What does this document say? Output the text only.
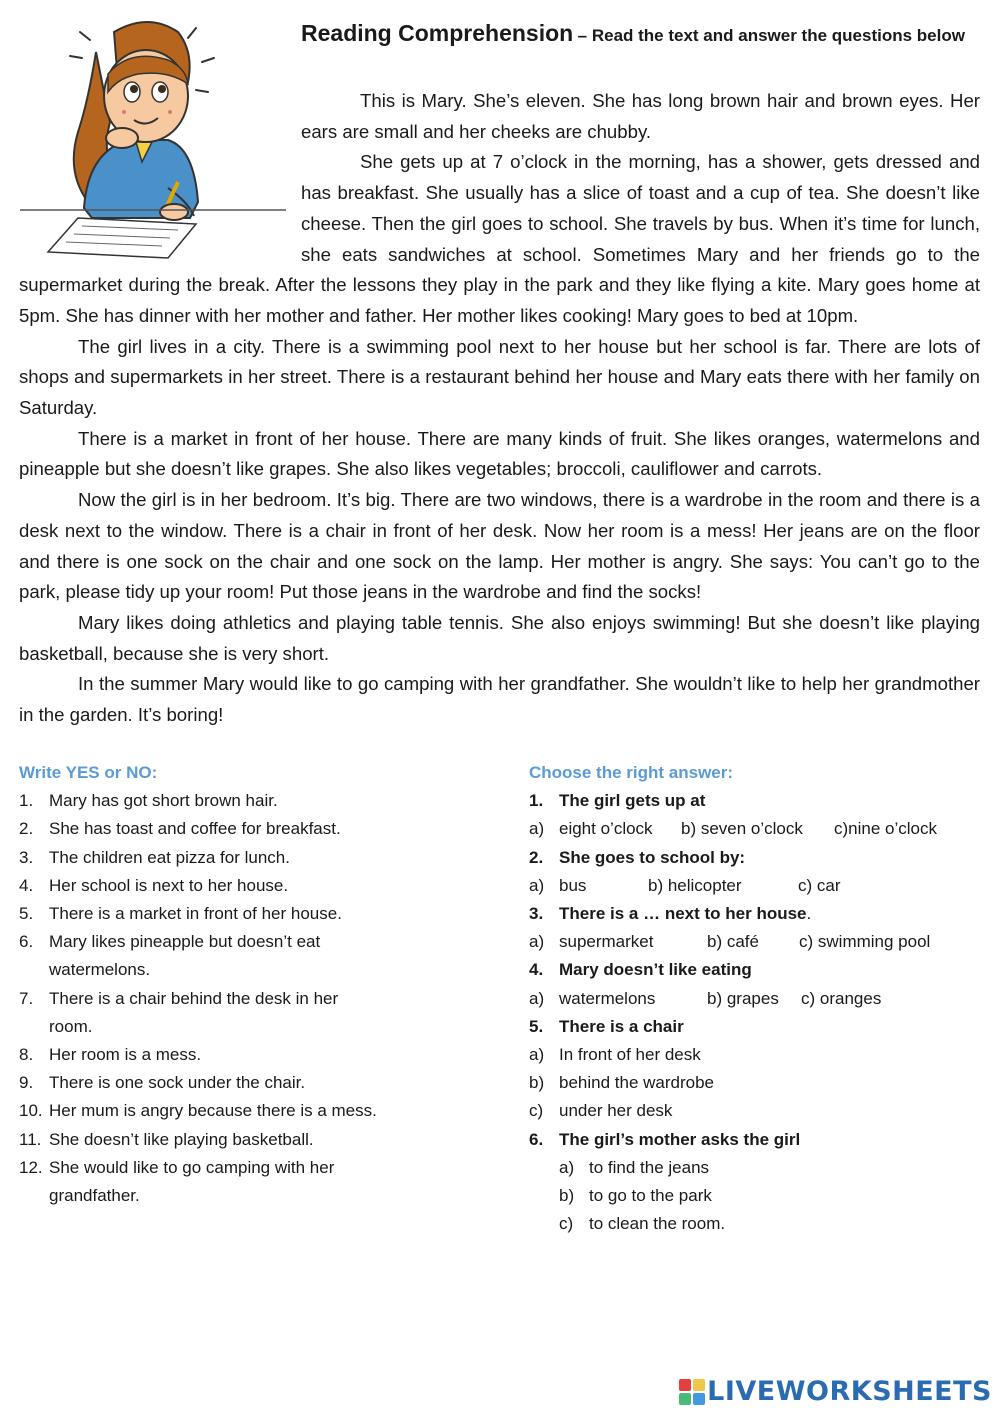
Reading Comprehension – Read the text and answer the questions below

This is Mary. She’s eleven. She has long brown hair and brown eyes. Her ears are small and her cheeks are chubby.

She gets up at 7 o’clock in the morning, has a shower, gets dressed and has breakfast. She usually has a slice of toast and a cup of tea. She doesn’t like cheese. Then the girl goes to school. She travels by bus. When it’s time for lunch, she eats sandwiches at school. Sometimes Mary and her friends go to the supermarket during the break. After the lessons they play in the park and they like flying a kite. Mary goes home at 5pm. She has dinner with her mother and father. Her mother likes cooking! Mary goes to bed at 10pm.

The girl lives in a city. There is a swimming pool next to her house but her school is far. There are lots of shops and supermarkets in her street. There is a restaurant behind her house and Mary eats there with her family on Saturday.

There is a market in front of her house. There are many kinds of fruit. She likes oranges, watermelons and pineapple but she doesn’t like grapes. She also likes vegetables; broccoli, cauliflower and carrots.

Now the girl is in her bedroom. It’s big. There are two windows, there is a wardrobe in the room and there is a desk next to the window. There is a chair in front of her desk. Now her room is a mess! Her jeans are on the floor and there is one sock on the chair and one sock on the lamp. Her mother is angry. She says: You can’t go to the park, please tidy up your room! Put those jeans in the wardrobe and find the socks!

Mary likes doing athletics and playing table tennis. She also enjoys swimming! But she doesn’t like playing basketball, because she is very short.

In the summer Mary would like to go camping with her grandfather. She wouldn’t like to help her grandmother in the garden. It’s boring!

Write YES or NO:
1. Mary has got short brown hair.
2. She has toast and coffee for breakfast.
3. The children eat pizza for lunch.
4. Her school is next to her house.
5. There is a market in front of her house.
6. Mary likes pineapple but doesn’t eat watermelons.
7. There is a chair behind the desk in her room.
8. Her room is a mess.
9. There is one sock under the chair.
10. Her mum is angry because there is a mess.
11. She doesn’t like playing basketball.
12. She would like to go camping with her grandfather.
Choose the right answer:
1. The girl gets up at
a) eight o’clock b) seven o’clock c)nine o’clock
2. She goes to school by:
a) bus	b) helicopter	c) car
3. There is a … next to her house.
a) supermarket	b) café c) swimming pool
4. Mary doesn’t like eating
a) watermelons	b) grapes c) oranges
5. There is a chair
a) In front of her desk
b) behind the wardrobe
c) under her desk
6. The girl’s mother asks the girl
a) to find the jeans
b) to go to the park
c) to clean the room.
LIVEWORKSHEETS
